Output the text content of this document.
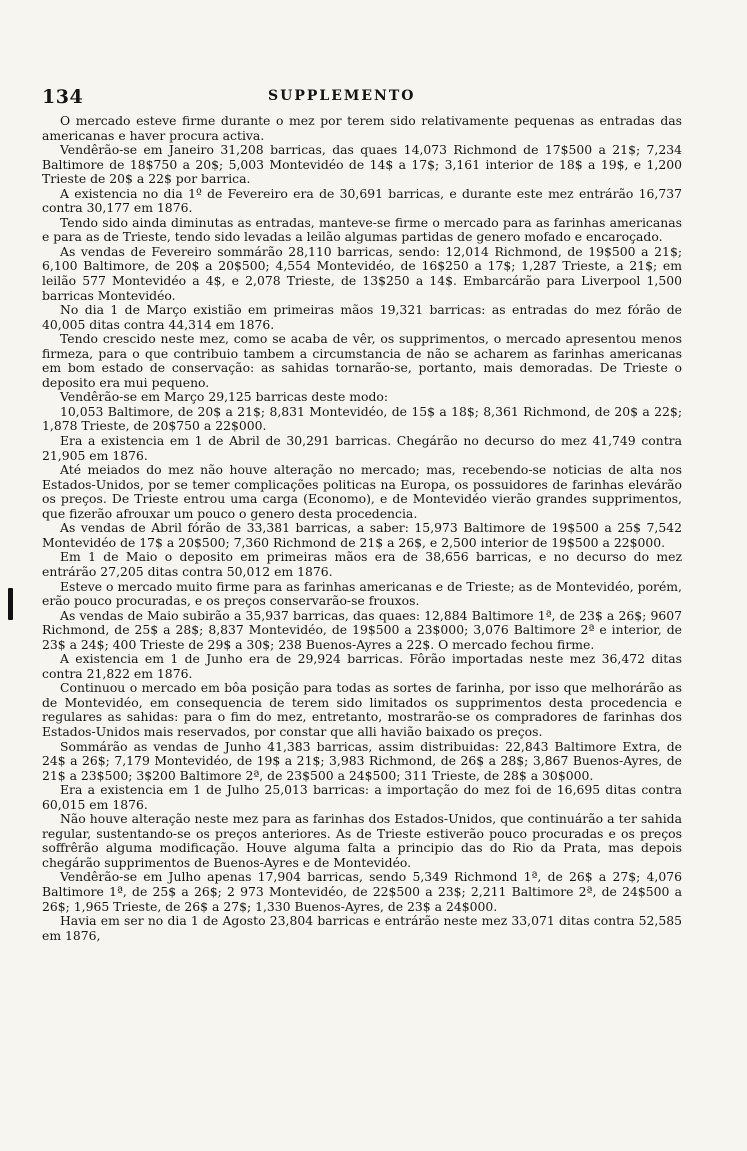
134	SUPPLEMENTO

O mercado esteve firme durante o mez por terem sido relativamente pequenas as entradas das americanas e haver procura activa.

Vendêrão-se em Janeiro 31,208 barricas, das quaes 14,073 Richmond de 17$500 a 21$; 7,234 Baltimore de 18$750 a 20$; 5,003 Montevidéo de 14$ a 17$; 3,161 interior de 18$ a 19$, e 1,200 Trieste de 20$ a 22$ por barrica.

A existencia no dia 1º de Fevereiro era de 30,691 barricas, e durante este mez entrárão 16,737 contra 30,177 em 1876.

Tendo sido ainda diminutas as entradas, manteve-se firme o mercado para as farinhas americanas e para as de Trieste, tendo sido levadas a leilão algumas partidas de genero mofado e encaroçado.

As vendas de Fevereiro sommárão 28,110 barricas, sendo: 12,014 Richmond, de 19$500 a 21$; 6,100 Baltimore, de 20$ a 20$500; 4,554 Montevidéo, de 16$250 a 17$; 1,287 Trieste, a 21$; em leilão 577 Montevidéo a 4$, e 2,078 Trieste, de 13$250 a 14$. Embarcárão para Liverpool 1,500 barricas Montevidéo.

No dia 1 de Março existião em primeiras mãos 19,321 barricas: as entradas do mez fórão de 40,005 ditas contra 44,314 em 1876.

Tendo crescido neste mez, como se acaba de vêr, os supprimentos, o mercado apresentou menos firmeza, para o que contribuio tambem a circumstancia de não se acharem as farinhas americanas em bom estado de conservação: as sahidas tornarão-se, portanto, mais demoradas. De Trieste o deposito era mui pequeno.

Vendêrão-se em Março 29,125 barricas deste modo:

10,053 Baltimore, de 20$ a 21$; 8,831 Montevidéo, de 15$ a 18$; 8,361 Richmond, de 20$ a 22$; 1,878 Trieste, de 20$750 a 22$000.

Era a existencia em 1 de Abril de 30,291 barricas. Chegárão no decurso do mez 41,749 contra 21,905 em 1876.

Até meiados do mez não houve alteração no mercado; mas, recebendo-se noticias de alta nos Estados-Unidos, por se temer complicações politicas na Europa, os possuidores de farinhas elevárão os preços. De Trieste entrou uma carga (Economo), e de Montevidéo vierão grandes supprimentos, que fizerão afrouxar um pouco o genero desta procedencia.

As vendas de Abril fórão de 33,381 barricas, a saber: 15,973 Baltimore de 19$500 a 25$ 7,542 Montevidéo de 17$ a 20$500; 7,360 Richmond de 21$ a 26$, e 2,500 interior de 19$500 a 22$000.

Em 1 de Maio o deposito em primeiras mãos era de 38,656 barricas, e no decurso do mez entrárão 27,205 ditas contra 50,012 em 1876.

Esteve o mercado muito firme para as farinhas americanas e de Trieste; as de Montevidéo, porém, erão pouco procuradas, e os preços conservarão-se frouxos.

As vendas de Maio subirão a 35,937 barricas, das quaes: 12,884 Baltimore 1ª, de 23$ a 26$; 9607 Richmond, de 25$ a 28$; 8,837 Montevidéo, de 19$500 a 23$000; 3,076 Baltimore 2ª e interior, de 23$ a 24$; 400 Trieste de 29$ a 30$; 238 Buenos-Ayres a 22$. O mercado fechou firme.

A existencia em 1 de Junho era de 29,924 barricas. Fôrão importadas neste mez 36,472 ditas contra 21,822 em 1876.

Continuou o mercado em bôa posição para todas as sortes de farinha, por isso que melhorárão as de Montevidéo, em consequencia de terem sido limitados os supprimentos desta procedencia e regulares as sahidas: para o fim do mez, entretanto, mostrarão-se os compradores de farinhas dos Estados-Unidos mais reservados, por constar que alli havião baixado os preços.

Sommárão as vendas de Junho 41,383 barricas, assim distribuidas: 22,843 Baltimore Extra, de 24$ a 26$; 7,179 Montevidéo, de 19$ a 21$; 3,983 Richmond, de 26$ a 28$; 3,867 Buenos-Ayres, de 21$ a 23$500; 3$200 Baltimore 2ª, de 23$500 a 24$500; 311 Trieste, de 28$ a 30$000.

Era a existencia em 1 de Julho 25,013 barricas: a importação do mez foi de 16,695 ditas contra 60,015 em 1876.

Não houve alteração neste mez para as farinhas dos Estados-Unidos, que continuárão a ter sahida regular, sustentando-se os preços anteriores. As de Trieste estiverão pouco procuradas e os preços soffrêrão alguma modificação. Houve alguma falta a principio das do Rio da Prata, mas depois chegárão supprimentos de Buenos-Ayres e de Montevidéo.

Vendêrão-se em Julho apenas 17,904 barricas, sendo 5,349 Richmond 1ª, de 26$ a 27$; 4,076 Baltimore 1ª, de 25$ a 26$; 2 973 Montevidéo, de 22$500 a 23$; 2,211 Baltimore 2ª, de 24$500 a 26$; 1,965 Trieste, de 26$ a 27$; 1,330 Buenos-Ayres, de 23$ a 24$000.

Havia em ser no dia 1 de Agosto 23,804 barricas e entrárão neste mez 33,071 ditas contra 52,585 em 1876,
